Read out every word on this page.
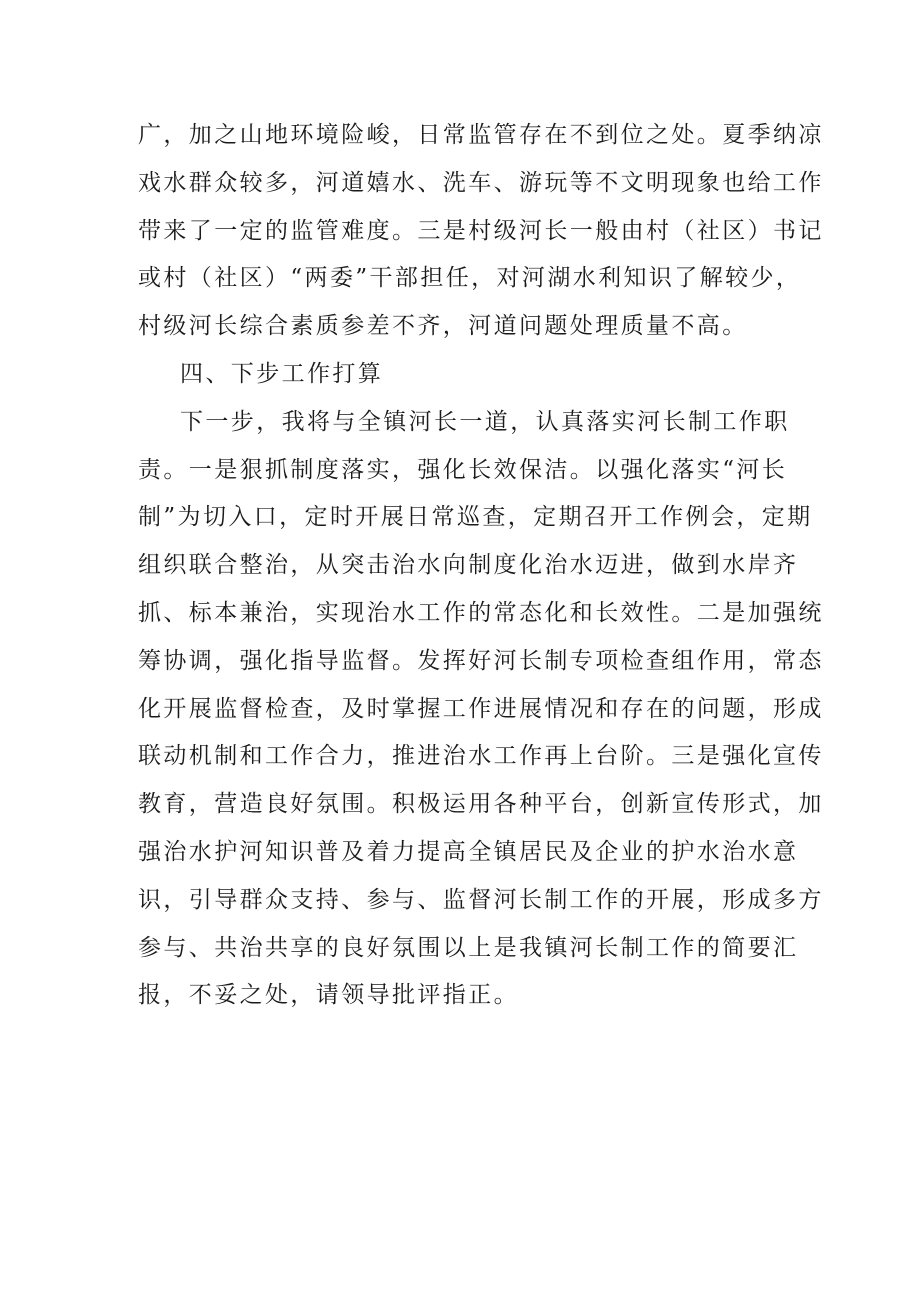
广，加之山地环境险峻，日常监管存在不到位之处。夏季纳凉
戏水群众较多，河道嬉水、洗车、游玩等不文明现象也给工作
带来了一定的监管难度。三是村级河长一般由村（社区）书记
或村（社区）“两委”干部担任，对河湖水利知识了解较少，
村级河长综合素质参差不齐，河道问题处理质量不高。
四、下步工作打算
下一步，我将与全镇河长一道，认真落实河长制工作职
责。一是狠抓制度落实，强化长效保洁。以强化落实“河长
制”为切入口，定时开展日常巡查，定期召开工作例会，定期
组织联合整治，从突击治水向制度化治水迈进，做到水岸齐
抓、标本兼治，实现治水工作的常态化和长效性。二是加强统
筹协调，强化指导监督。发挥好河长制专项检查组作用，常态
化开展监督检查，及时掌握工作进展情况和存在的问题，形成
联动机制和工作合力，推进治水工作再上台阶。三是强化宣传
教育，营造良好氛围。积极运用各种平台，创新宣传形式，加
强治水护河知识普及着力提高全镇居民及企业的护水治水意
识，引导群众支持、参与、监督河长制工作的开展，形成多方
参与、共治共享的良好氛围以上是我镇河长制工作的简要汇
报，不妥之处，请领导批评指正。
